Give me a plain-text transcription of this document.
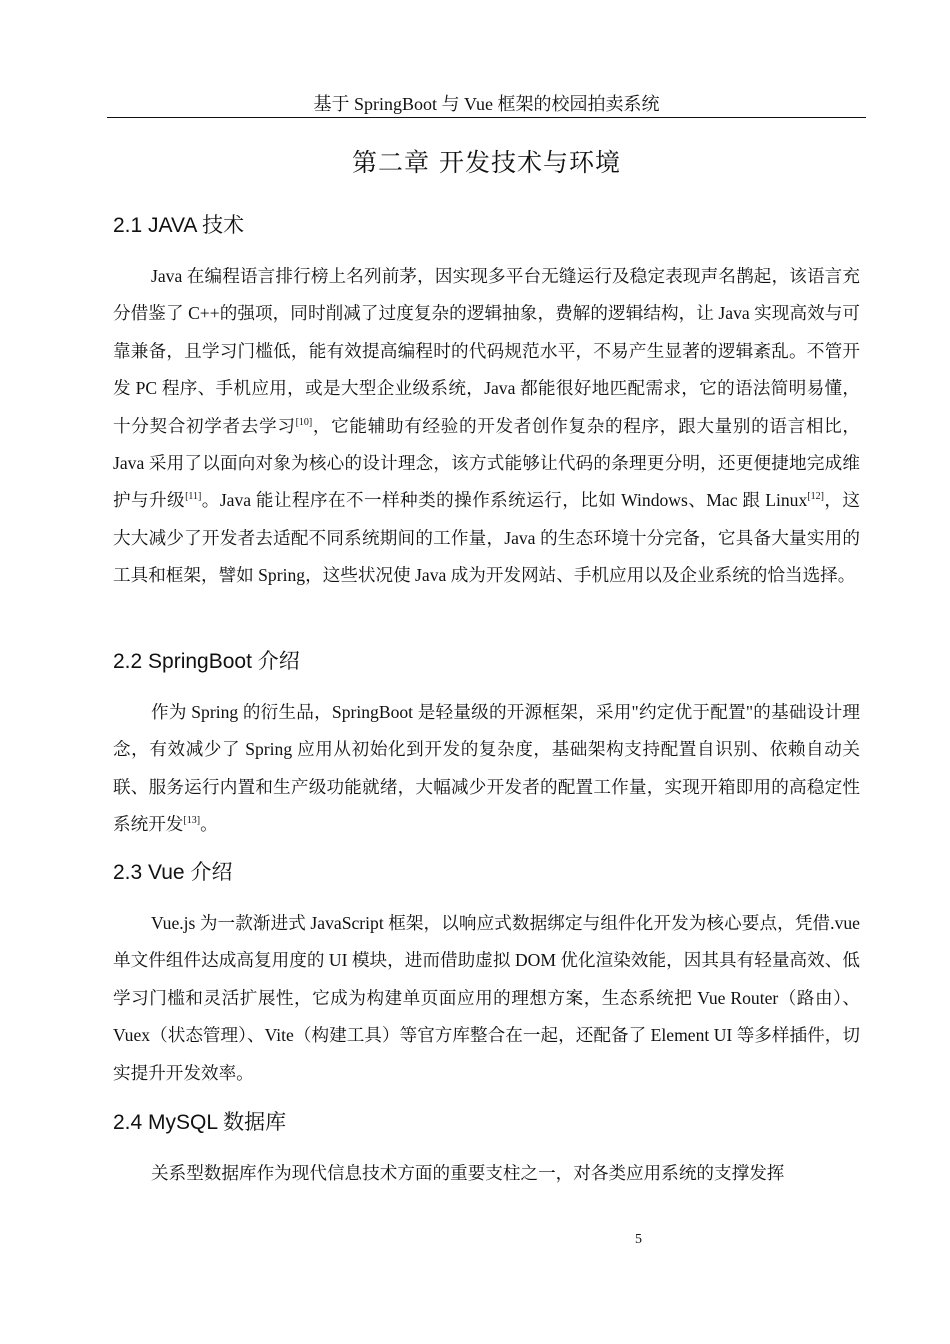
基于 SpringBoot 与 Vue 框架的校园拍卖系统
第二章 开发技术与环境
2.1 JAVA 技术

Java 在编程语言排行榜上名列前茅，因实现多平台无缝运行及稳定表现声名鹊起，该语言充分借鉴了 C++的强项，同时削减了过度复杂的逻辑抽象，费解的逻辑结构，让 Java 实现高效与可靠兼备，且学习门槛低，能有效提高编程时的代码规范水平，不易产生显著的逻辑紊乱。不管开发 PC 程序、手机应用，或是大型企业级系统，Java 都能很好地匹配需求，它的语法简明易懂，十分契合初学者去学习[10]，它能辅助有经验的开发者创作复杂的程序，跟大量别的语言相比，Java 采用了以面向对象为核心的设计理念，该方式能够让代码的条理更分明，还更便捷地完成维护与升级[11]。Java 能让程序在不一样种类的操作系统运行，比如 Windows、Mac 跟 Linux[12]，这大大减少了开发者去适配不同系统期间的工作量，Java 的生态环境十分完备，它具备大量实用的工具和框架，譬如 Spring，这些状况使 Java 成为开发网站、手机应用以及企业系统的恰当选择。

2.2 SpringBoot 介绍

作为 Spring 的衍生品，SpringBoot 是轻量级的开源框架，采用"约定优于配置"的基础设计理念，有效减少了 Spring 应用从初始化到开发的复杂度，基础架构支持配置自识别、依赖自动关联、服务运行内置和生产级功能就绪，大幅减少开发者的配置工作量，实现开箱即用的高稳定性系统开发[13]。

2.3 Vue 介绍

Vue.js 为一款渐进式 JavaScript 框架，以响应式数据绑定与组件化开发为核心要点，凭借.vue 单文件组件达成高复用度的 UI 模块，进而借助虚拟 DOM 优化渲染效能，因其具有轻量高效、低学习门槛和灵活扩展性，它成为构建单页面应用的理想方案，生态系统把 Vue Router（路由）、Vuex（状态管理）、Vite（构建工具）等官方库整合在一起，还配备了 Element UI 等多样插件，切实提升开发效率。

2.4 MySQL 数据库

关系型数据库作为现代信息技术方面的重要支柱之一，对各类应用系统的支撑发挥

5
